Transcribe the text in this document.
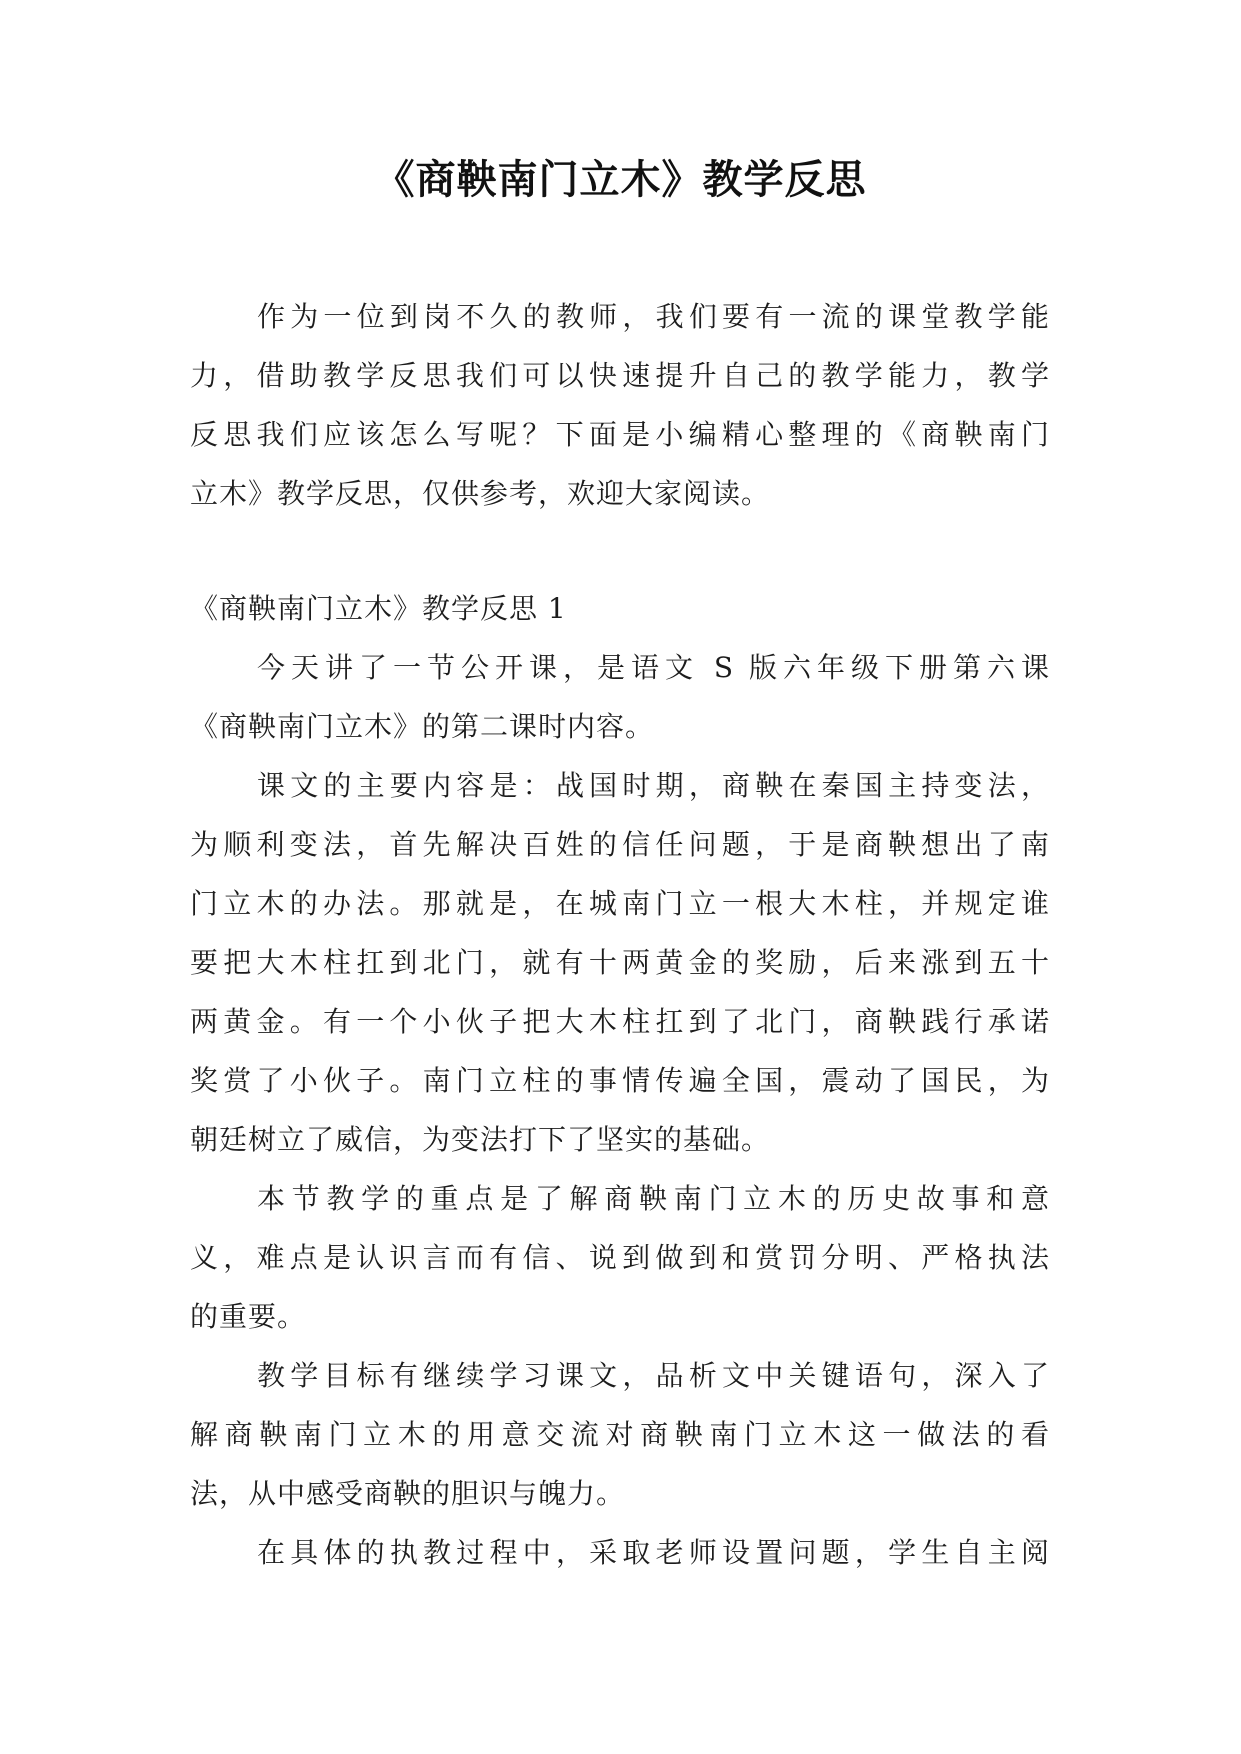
《商鞅南门立木》教学反思
作为一位到岗不久的教师，我们要有一流的课堂教学能
力，借助教学反思我们可以快速提升自己的教学能力，教学
反思我们应该怎么写呢？下面是小编精心整理的《商鞅南门
立木》教学反思，仅供参考，欢迎大家阅读。
《商鞅南门立木》教学反思 1
今天讲了一节公开课，是语文 S 版六年级下册第六课
《商鞅南门立木》的第二课时内容。
课文的主要内容是：战国时期，商鞅在秦国主持变法，
为顺利变法，首先解决百姓的信任问题，于是商鞅想出了南
门立木的办法。那就是，在城南门立一根大木柱，并规定谁
要把大木柱扛到北门，就有十两黄金的奖励，后来涨到五十
两黄金。有一个小伙子把大木柱扛到了北门，商鞅践行承诺
奖赏了小伙子。南门立柱的事情传遍全国，震动了国民，为
朝廷树立了威信，为变法打下了坚实的基础。
本节教学的重点是了解商鞅南门立木的历史故事和意
义，难点是认识言而有信、说到做到和赏罚分明、严格执法
的重要。
教学目标有继续学习课文，品析文中关键语句，深入了
解商鞅南门立木的用意交流对商鞅南门立木这一做法的看
法，从中感受商鞅的胆识与魄力。
在具体的执教过程中，采取老师设置问题，学生自主阅
